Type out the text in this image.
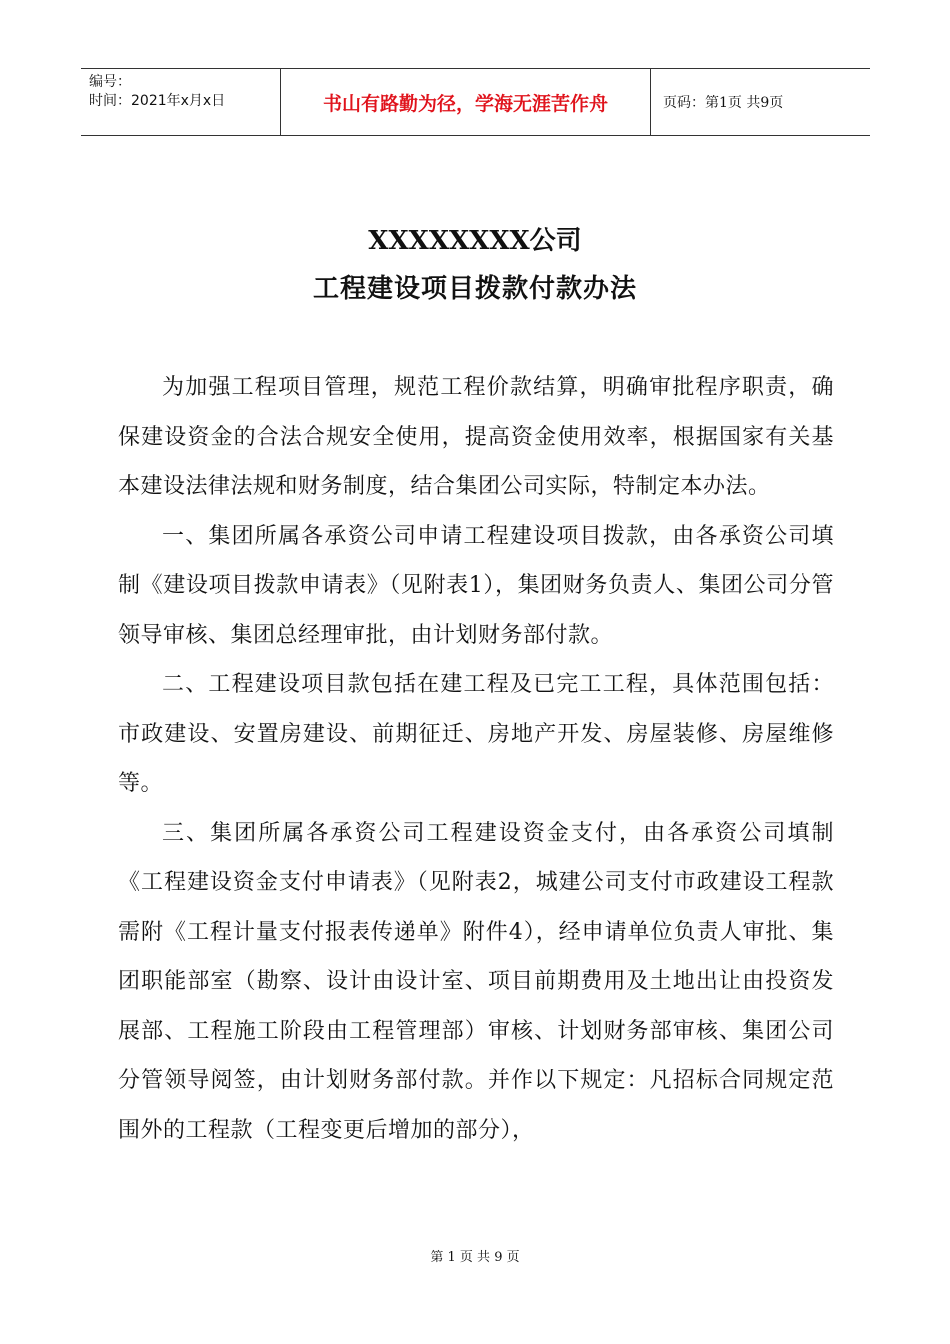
编号：
时间：2021年x月x日	书山有路勤为径，学海无涯苦作舟	页码：第1页 共9页
XXXXXXXX公司
工程建设项目拨款付款办法

为加强工程项目管理，规范工程价款结算，明确审批程序职责，确保建设资金的合法合规安全使用，提高资金使用效率，根据国家有关基本建设法律法规和财务制度，结合集团公司实际，特制定本办法。

一、集团所属各承资公司申请工程建设项目拨款，由各承资公司填制《建设项目拨款申请表》（见附表1），集团财务负责人、集团公司分管领导审核、集团总经理审批，由计划财务部付款。

二、工程建设项目款包括在建工程及已完工工程，具体范围包括：市政建设、安置房建设、前期征迁、房地产开发、房屋装修、房屋维修等。

三、集团所属各承资公司工程建设资金支付，由各承资公司填制《工程建设资金支付申请表》（见附表2，城建公司支付市政建设工程款需附《工程计量支付报表传递单》附件4），经申请单位负责人审批、集团职能部室（勘察、设计由设计室、项目前期费用及土地出让由投资发展部、工程施工阶段由工程管理部）审核、计划财务部审核、集团公司分管领导阅签，由计划财务部付款。并作以下规定：凡招标合同规定范围外的工程款（工程变更后增加的部分），

第 1 页 共 9 页
